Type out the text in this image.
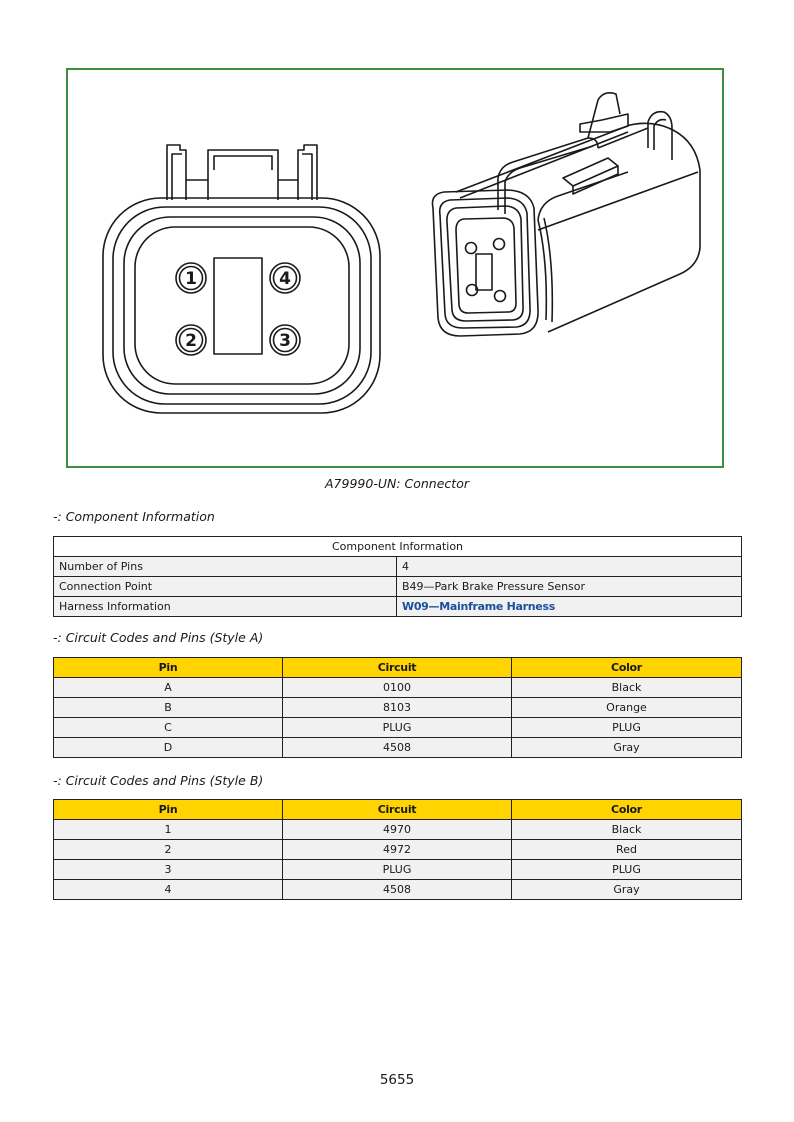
1	4
2	3
A79990-UN: Connector
-: Component Information
Component Information	
Number of Pins	4
Connection Point	B49—Park Brake Pressure Sensor
Harness Information	W09—Mainframe Harness
-: Circuit Codes and Pins (Style A)
Pin	Circuit	Color
A	0100	Black
B	8103	Orange
C	PLUG	PLUG
D	4508	Gray
-: Circuit Codes and Pins (Style B)
Pin	Circuit	Color
1	4970	Black
2	4972	Red
3	PLUG	PLUG
4	4508	Gray
5655
